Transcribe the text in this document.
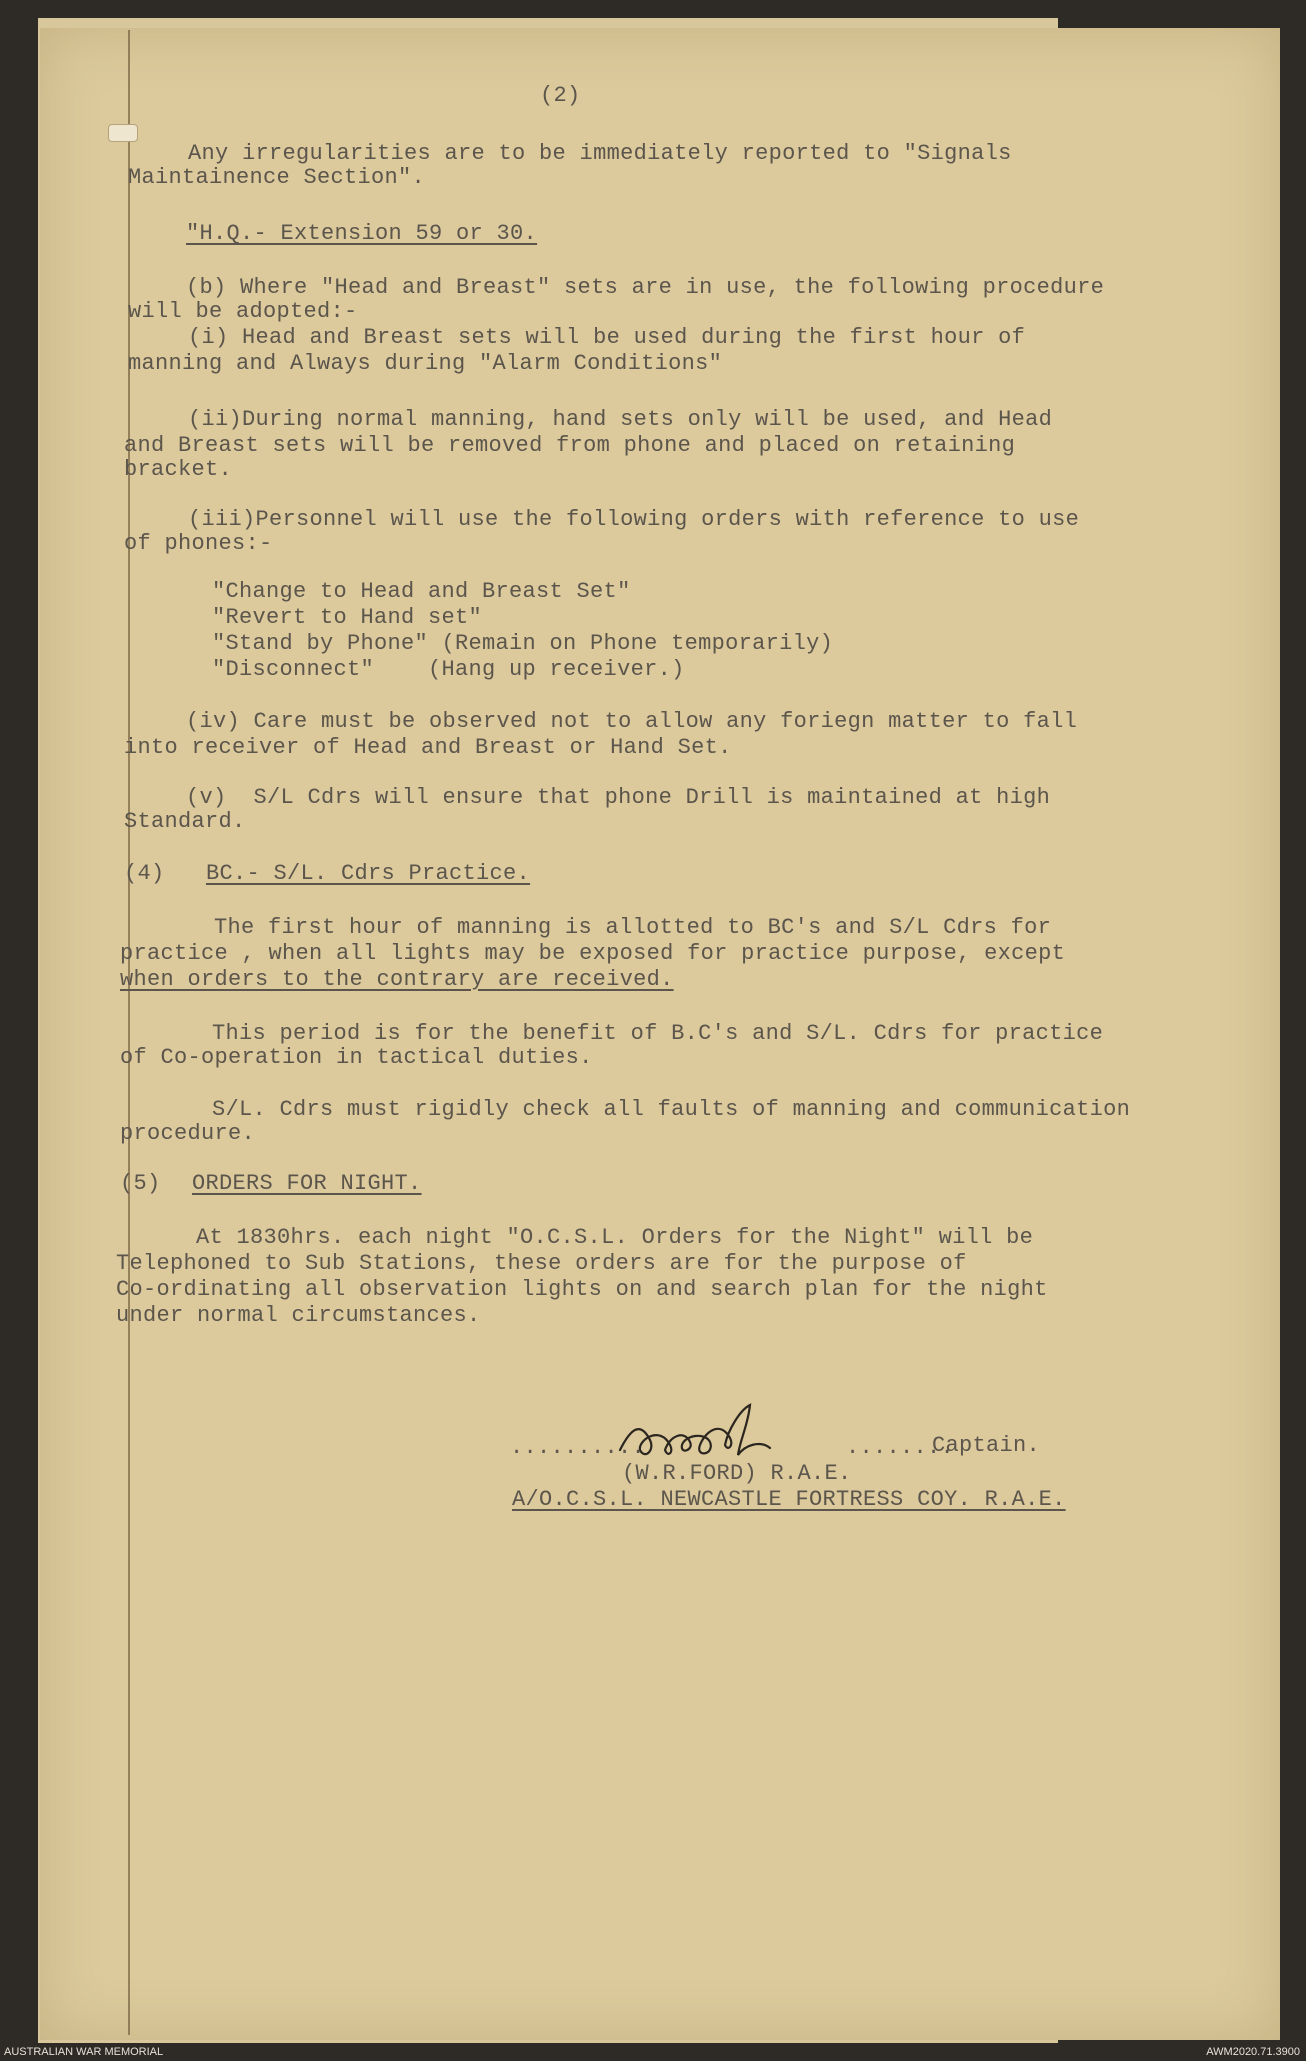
(2)
Any irregularities are to be immediately reported to "Signals
Maintainence Section".
"H.Q.- Extension 59 or 30.
(b) Where "Head and Breast" sets are in use, the following procedure
will be adopted:-
(i) Head and Breast sets will be used during the first hour of
manning and Always during "Alarm Conditions"
(ii)During normal manning, hand sets only will be used, and Head
and Breast sets will be removed from phone and placed on retaining
bracket.
(iii)Personnel will use the following orders with reference to use
of phones:-
"Change to Head and Breast Set"
"Revert to Hand set"
"Stand by Phone" (Remain on Phone temporarily)
"Disconnect"    (Hang up receiver.)
(iv) Care must be observed not to allow any foriegn matter to fall
into receiver of Head and Breast or Hand Set.
(v)  S/L Cdrs will ensure that phone Drill is maintained at high
Standard.
(4) BC.- S/L. Cdrs Practice.
The first hour of manning is allotted to BC's and S/L Cdrs for
practice , when all lights may be exposed for practice purpose, except
when orders to the contrary are received.
This period is for the benefit of B.C's and S/L. Cdrs for practice
of Co-operation in tactical duties.
S/L. Cdrs must rigidly check all faults of manning and communication
procedure.
(5) ORDERS FOR NIGHT.
At 1830hrs. each night "O.C.S.L. Orders for the Night" will be
Telephoned to Sub Stations, these orders are for the purpose of
Co-ordinating all observation lights on and search plan for the night
under normal circumstances.
..........	........
Captain.
(W.R.FORD) R.A.E.
A/O.C.S.L. NEWCASTLE FORTRESS COY. R.A.E.
AUSTRALIAN WAR MEMORIAL	AWM2020.71.3900
